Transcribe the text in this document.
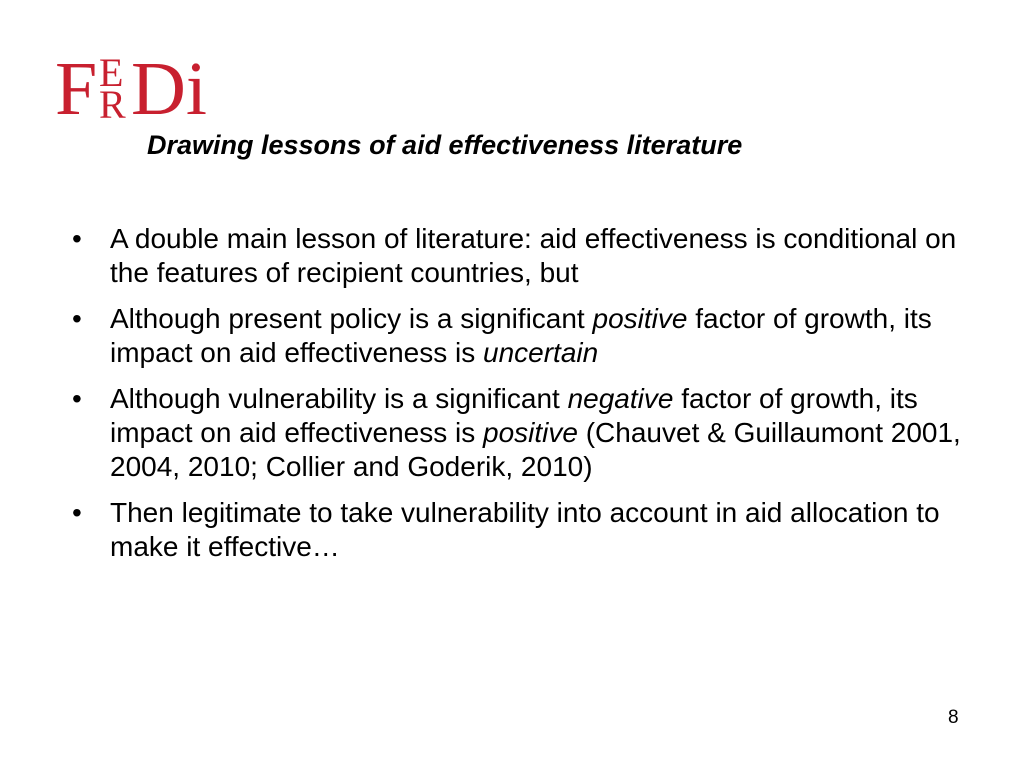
F E
R Di
Drawing lessons of aid effectiveness literature
• A double main lesson of literature: aid effectiveness is conditional on the features of recipient countries, but
• Although present policy is a significant positive factor of growth, its impact on aid effectiveness is uncertain
• Although vulnerability is a significant negative factor of growth, its impact on aid effectiveness is positive (Chauvet & Guillaumont 2001, 2004, 2010; Collier and Goderik, 2010)
• Then legitimate to take vulnerability into account in aid allocation to make it effective…
8
